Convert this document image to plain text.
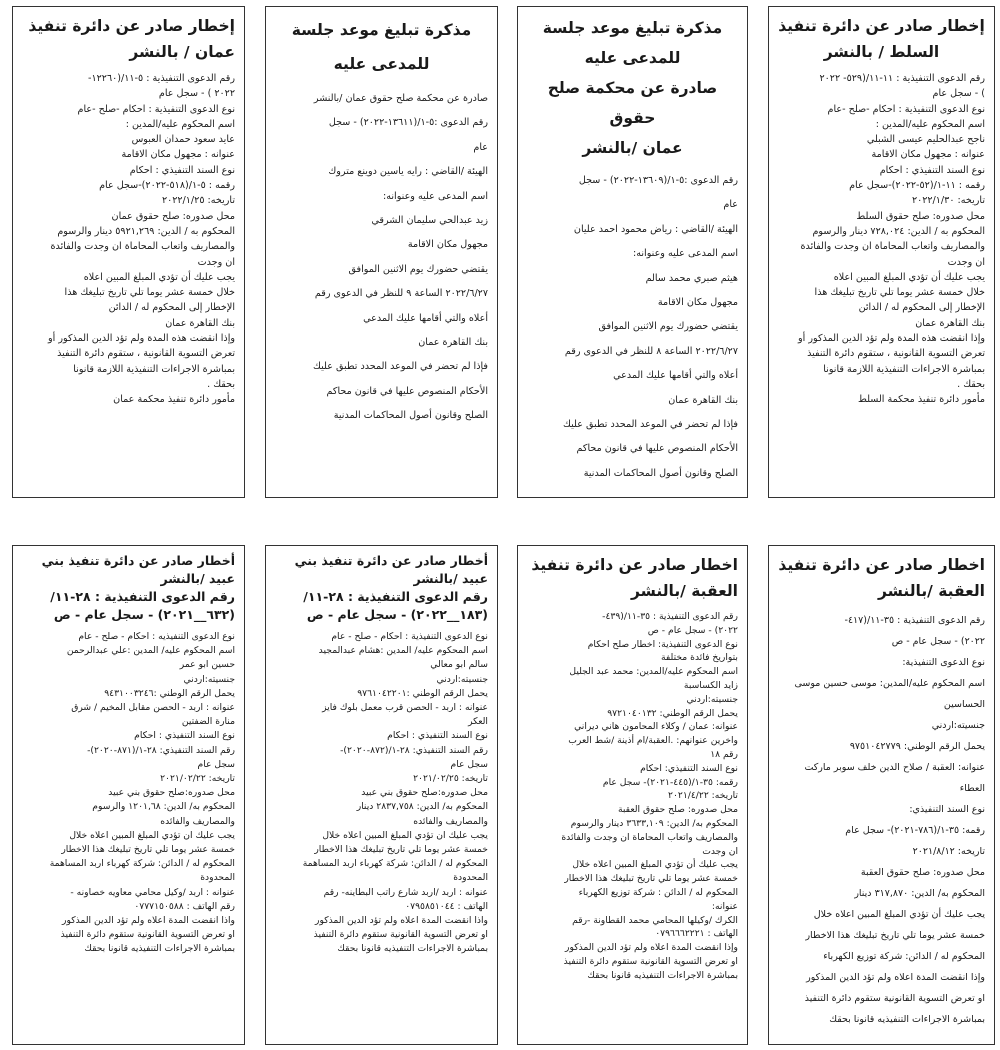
إخطار صادر عن دائرة تنفيذ
السلط / بالنشر

رقم الدعوى التنفيذية : ١١-١١/(٥٢٩- ٢٠٢٢
) - سجل عام
نوع الدعوى التنفيذية : احكام -صلح -عام
اسم المحكوم عليه/المدين :
ناجح عبدالحليم عيسى الشبلي
عنوانه : مجهول مكان الاقامة
نوع السند التنفيذي : احكام
رقمه : ١١-١/(٥٢-٢٠٢٢)-سجل عام
تاريخه: ٢٠٢٢/١/٣٠
محل صدوره: صلح حقوق السلط
المحكوم به / الدين: ٧٢٨,٠٢٤ دينار والرسوم
والمصاريف واتعاب المحاماة ان وجدت والفائدة
ان وجدت
يجب عليك أن تؤدي المبلغ المبين اعلاه
خلال خمسة عشر يوما تلي تاريخ تبليغك هذا
الإخطار إلى المحكوم له / الدائن
بنك القاهرة عمان
وإذا انقضت هذه المدة ولم تؤد الدين المذكور أو
تعرض التسوية القانونية ، ستقوم دائرة التنفيذ
بمباشرة الاجراءات التنفيذية اللازمة قانونا
بحقك .
مأمور دائرة تنفيذ محكمة السلط

مذكرة تبليغ موعد جلسة
للمدعى عليه
صادرة عن محكمة صلح حقوق
عمان /بالنشر

رقم الدعوى :٥-١/(١٣٦٠٩-٢٠٢٢) - سجل
عام
الهيئة /القاضي : رياض محمود احمد عليان
اسم المدعى عليه وعنوانه:
هيثم صبري محمد سالم
مجهول مكان الاقامة
يقتضي حضورك يوم الاثنين الموافق
٢٠٢٢/٦/٢٧ الساعة ٨ للنظر في الدعوى رقم
أعلاه والتي أقامها عليك المدعي
بنك القاهرة عمان
فإذا لم تحضر في الموعد المحدد تطبق عليك
الأحكام المنصوص عليها في قانون محاكم
الصلح وقانون أصول المحاكمات المدنية

مذكرة تبليغ موعد جلسة
للمدعى عليه

صادرة عن محكمة صلح حقوق عمان /بالنشر
رقم الدعوى :٥-١/(١٣٦١١-٢٠٢٢) - سجل
عام
الهيئة /القاضي : رايه ياسين دوينع متروك
اسم المدعى عليه وعنوانه:
زيد عبدالحي سليمان الشرقي
مجهول مكان الاقامة
يقتضي حضورك يوم الاثنين الموافق
٢٠٢٢/٦/٢٧ الساعة ٩ للنظر في الدعوى رقم
أعلاه والتي أقامها عليك المدعي
بنك القاهرة عمان
فإذا لم تحضر في الموعد المحدد تطبق عليك
الأحكام المنصوص عليها في قانون محاكم
الصلح وقانون أصول المحاكمات المدنية

إخطار صادر عن دائرة تنفيذ
عمان / بالنشر

رقم الدعوى التنفيذية : ٥-١١/(١٢٢٦٠-
٢٠٢٢ ) - سجل عام
نوع الدعوى التنفيذية : احكام -صلح -عام
اسم المحكوم عليه/المدين :
عايد سعود حمدان العبوس
عنوانه : مجهول مكان الاقامة
نوع السند التنفيذي : احكام
رقمه : ٥-١/(٥١٨-٢٠٢٢)-سجل عام
تاريخه: ٢٠٢٢/١/٢٥
محل صدوره: صلح حقوق عمان
المحكوم به / الدين: ٥٩٢١,٢٦٩ دينار والرسوم
والمصاريف واتعاب المحاماة ان وجدت والفائدة
ان وجدت
يجب عليك أن تؤدي المبلغ المبين اعلاه
خلال خمسة عشر يوما تلي تاريخ تبليغك هذا
الإخطار إلى المحكوم له / الدائن
بنك القاهرة عمان
وإذا انقضت هذه المدة ولم تؤد الدين المذكور أو
تعرض التسوية القانونية ، ستقوم دائرة التنفيذ
بمباشرة الاجراءات التنفيذية اللازمة قانونا
بحقك .
مأمور دائرة تنفيذ محكمة عمان

اخطار صادر عن دائرة تنفيذ
العقبة /بالنشر

رقم الدعوى التنفيذية : ٣٥-١١/(٤١٧-
٢٠٢٢) - سجل عام - ص
نوع الدعوى التنفيذية:
اسم المحكوم عليه/المدين: موسى حسين موسى
الحساسين
جنسيته:اردني
يحمل الرقم الوطني: ٩٧٥١٠٤٢٧٧٩
عنوانه: العقبة / صلاح الدين خلف سوبر ماركت
العطاء
نوع السند التنفيذي:
رقمه: ٣٥-١/(٧٨٦-٢٠٢١)- سجل عام
تاريخه: ٢٠٢١/٨/١٢
محل صدوره: صلح حقوق العقبة
المحكوم به/ الدين: ٣١٧,٨٧٠ دينار
يجب عليك أن تؤدي المبلغ المبين اعلاه خلال
خمسة عشر يوما تلي تاريخ تبليغك هذا الاخطار
المحكوم له / الدائن: شركة توزيع الكهرباء
وإذا انقضت المدة اعلاه ولم تؤد الدين المذكور
او تعرض التسوية القانونية ستقوم دائرة التنفيذ
بمباشرة الاجراءات التنفيذيه قانونا بحقك

اخطار صادر عن دائرة تنفيذ
العقبة /بالنشر

رقم الدعوى التنفيذية : ٣٥-١١/(٤٣٩-
٢٠٢٢) - سجل عام - ص
نوع الدعوى التنفيذية: اخطار صلح احكام
بتواريخ فائدة مختلفة
اسم المحكوم عليه/المدين: محمد عبد الجليل
زايد الكساسبة
جنسيته:اردني
يحمل الرقم الوطني: ٩٧٢١٠٤٠١٣٢
عنوانه: عمان / وكلاء المحامون هاني ديراني
واخرين عنوانهم: .العقبة/ام أذينة /شط العرب
رقم ١٨
نوع السند التنفيذي: احكام
رقمه: ٣٥-١/(٤٤٥-٢٠٢١)- سجل عام
تاريخه: ٢٠٢١/٤/٢٢
محل صدوره: صلح حقوق العقبة
المحكوم به/ الدين: ٣٦٣٣,١٠٩ دينار والرسوم
والمصاريف واتعاب المحاماة ان وجدت والفائدة
ان وجدت
يجب عليك أن تؤدي المبلغ المبين اعلاه خلال
خمسة عشر يوما تلي تاريخ تبليغك هذا الاخطار
المحكوم له / الدائن : شركة توزيع الكهرباء
عنوانه:
الكرك /وكيلها المحامي محمد القطاونة -رقم
الهاتف : ٠٧٩٦٦٦٢٢٢١
وإذا انقضت المدة اعلاه ولم تؤد الدين المذكور
او تعرض التسوية القانونية ستقوم دائرة التنفيذ
بمباشرة الاجراءات التنفيذيه قانونا بحقك

أخطار صادر عن دائرة تنفيذ بني
عبيد /بالنشر
رقم الدعوى التنفيذية : ٢٨-١١/
(١٨٣__٢٠٢٢) - سجل عام - ص

نوع الدعوى التنفيذية : احكام - صلح - عام
اسم المحكوم عليه/ المدين :هشام عبدالمجيد
سالم ابو معالي
جنسيته:اردني
يحمل الرقم الوطني :٩٧٦١٠٤٢٢٠١
عنوانه : اربد - الحصن قرب معمل بلوك فايز
العكر
نوع السند التنفيذي : احكام
رقم السند التنفيذي: ٢٨-١/(٨٧٢-٢٠٢٠)-
سجل عام
تاريخه: ٢٠٢١/٠٢/٢٥
محل صدوره:صلح حقوق بني عبيد
المحكوم به/ الدين: ٢٨٣٧,٧٥٨ دينار
والمصاريف والفائده
يجب عليك ان تؤدي المبلغ المبين اعلاه خلال
خمسة عشر يوما تلي تاريخ تبليغك هذا الاخطار
المحكوم له / الدائن: شركة كهرباء اربد المساهمة
المحدودة
عنوانه : اربد /اربد شارع راتب البطاينه- رقم
الهاتف : ٠٧٩٥٨٥١٠٤٤
واذا انقضت المدة اعلاه ولم تؤد الدين المذكور
او تعرض التسوية القانونية ستقوم دائرة التنفيذ
بمباشرة الاجراءات التنفيذيه قانونا بحقك

أخطار صادر عن دائرة تنفيذ بني
عبيد /بالنشر
رقم الدعوى التنفيذية : ٢٨-١١/
(٦٣٢__٢٠٢١) - سجل عام - ص

نوع الدعوى التنفيذيه : احكام - صلح - عام
اسم المحكوم عليه/ المدين :علي عبدالرحمن
حسين ابو عمر
جنسيته:اردني
يحمل الرقم الوطني :٩٤٣١٠٠٣٢٤٦
عنوانه : اربد - الحصن مقابل المخيم / شرق
منارة الضفتين
نوع السند التنفيذي : احكام
رقم السند التنفيذي: ٢٨-١/(٨٧١-٢٠٢٠)-
سجل عام
تاريخه: ٢٠٢١/٠٢/٢٢
محل صدوره:صلح حقوق بني عبيد
المحكوم به/ الدين: ١٢٠١,٦٨ والرسوم
والمصاريف والفائده
يجب عليك ان تؤدي المبلغ المبين اعلاه خلال
خمسة عشر يوما تلي تاريخ تبليغك هذا الاخطار
المحكوم له / الدائن: شركة كهرباء اربد المساهمة
المحدودة
عنوانه : اربد /وكيل محامي معاويه خصاونه -
رقم الهاتف : ٠٧٧٧١٥٠٥٨٨
واذا انقضت المدة اعلاه ولم تؤد الدين المذكور
او تعرض التسوية القانونية ستقوم دائرة التنفيذ
بمباشرة الاجراءات التنفيذيه قانونا بحقك
